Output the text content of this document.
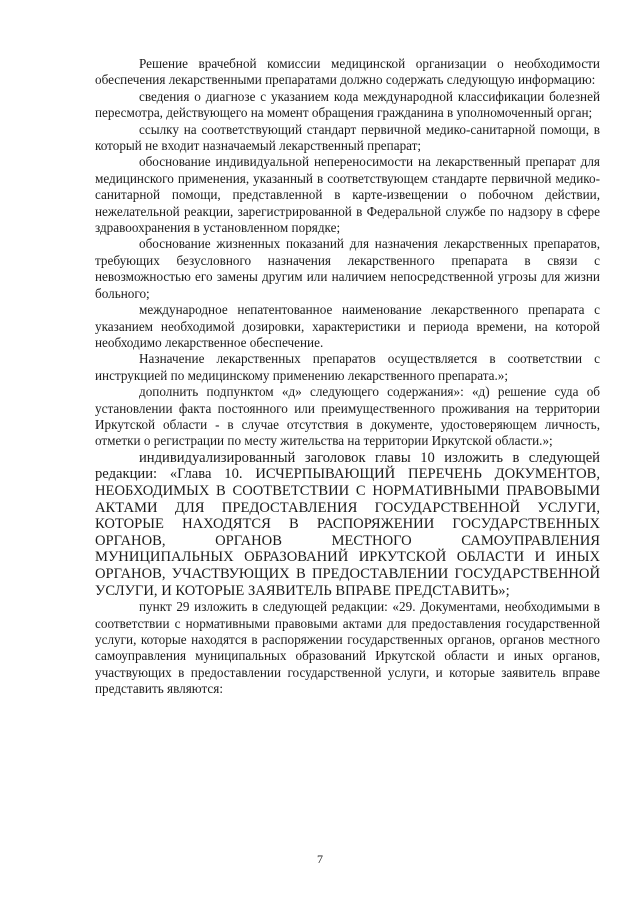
Решение врачебной комиссии медицинской организации о необходимости обеспечения лекарственными препаратами должно содержать следующую информацию:

сведения о диагнозе с указанием кода международной классификации болезней пересмотра, действующего на момент обращения гражданина в уполномоченный орган;

ссылку на соответствующий стандарт первичной медико-санитарной помощи, в который не входит назначаемый лекарственный препарат;

обоснование индивидуальной непереносимости на лекарственный препарат для медицинского применения, указанный в соответствующем стандарте первичной медико-санитарной помощи, представленной в карте-извещении о побочном действии, нежелательной реакции, зарегистрированной в Федеральной службе по надзору в сфере здравоохранения в установленном порядке;

обоснование жизненных показаний для назначения лекарственных препаратов, требующих безусловного назначения лекарственного препарата в связи с невозможностью его замены другим или наличием непосредственной угрозы для жизни больного;

международное непатентованное наименование лекарственного препарата с указанием необходимой дозировки, характеристики и периода времени, на которой необходимо лекарственное обеспечение.

Назначение лекарственных препаратов осуществляется в соответствии с инструкцией по медицинскому применению лекарственного препарата.»;

дополнить подпунктом «д» следующего содержания»: «д) решение суда об установлении факта постоянного или преимущественного проживания на территории Иркутской области - в случае отсутствия в документе, удостоверяющем личность, отметки о регистрации по месту жительства на территории Иркутской области.»;

индивидуализированный заголовок главы 10 изложить в следующей редакции: «Глава 10. ИСЧЕРПЫВАЮЩИЙ ПЕРЕЧЕНЬ ДОКУМЕНТОВ, НЕОБХОДИМЫХ В СООТВЕТСТВИИ С НОРМАТИВНЫМИ ПРАВОВЫМИ АКТАМИ ДЛЯ ПРЕДОСТАВЛЕНИЯ ГОСУДАРСТВЕННОЙ УСЛУГИ, КОТОРЫЕ НАХОДЯТСЯ В РАСПОРЯЖЕНИИ ГОСУДАРСТВЕННЫХ ОРГАНОВ, ОРГАНОВ МЕСТНОГО САМОУПРАВЛЕНИЯ МУНИЦИПАЛЬНЫХ ОБРАЗОВАНИЙ ИРКУТСКОЙ ОБЛАСТИ И ИНЫХ ОРГАНОВ, УЧАСТВУЮЩИХ В ПРЕДОСТАВЛЕНИИ ГОСУДАРСТВЕННОЙ УСЛУГИ, И КОТОРЫЕ ЗАЯВИТЕЛЬ ВПРАВЕ ПРЕДСТАВИТЬ»;

пункт 29 изложить в следующей редакции: «29. Документами, необходимыми в соответствии с нормативными правовыми актами для предоставления государственной услуги, которые находятся в распоряжении государственных органов, органов местного самоуправления муниципальных образований Иркутской области и иных органов, участвующих в предоставлении государственной услуги, и которые заявитель вправе представить являются:

7
